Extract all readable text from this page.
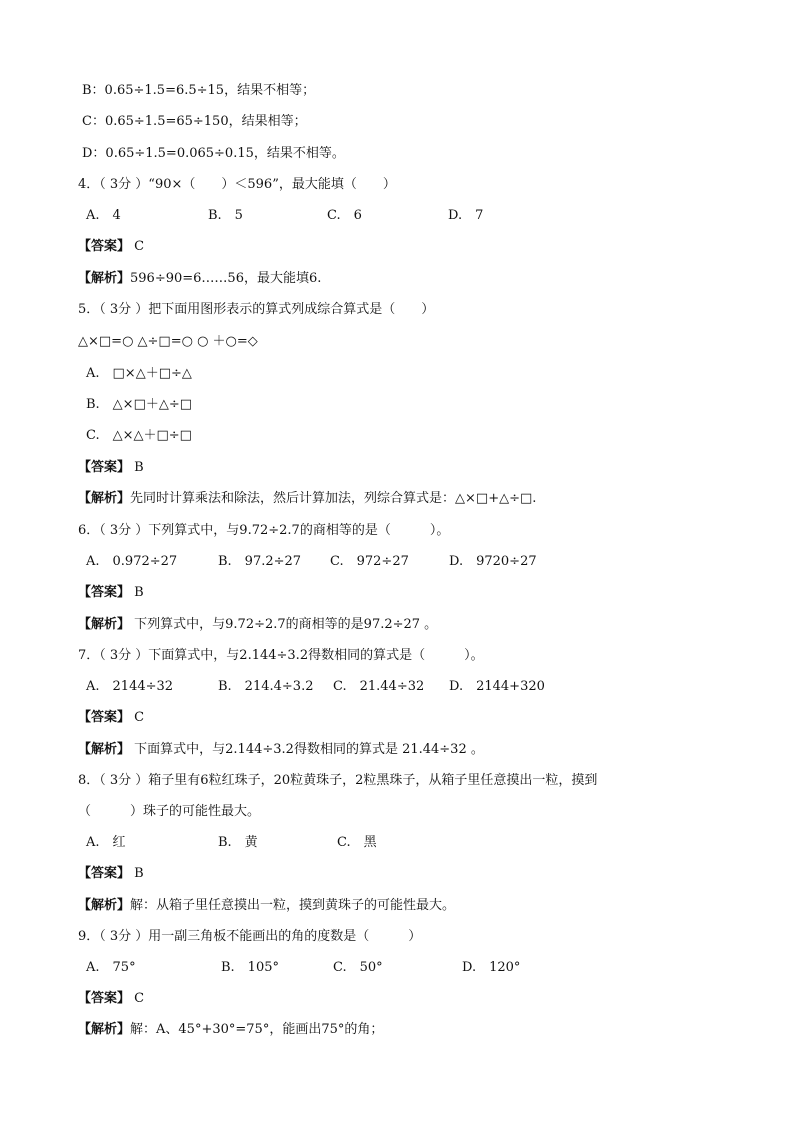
B：0.65÷1.5=6.5÷15，结果不相等；
C：0.65÷1.5=65÷150，结果相等；
D：0.65÷1.5=0.065÷0.15，结果不相等。
4．（ 3分 ）“90×（　　）＜596”，最大能填（　　）
A.　4	B.　5	C.　6	D.　7
【答案】 C
【解析】596÷90=6……56，最大能填6.
5．（ 3分 ）把下面用图形表示的算式列成综合算式是（　　）
△×□=○ △÷□=○ ○ ＋○=◇
A.　□×△＋□÷△
B.　△×□＋△÷□
C.　△×△＋□÷□
【答案】 B
【解析】先同时计算乘法和除法，然后计算加法，列综合算式是：△×□+△÷□.
6．（ 3分 ）下列算式中，与9.72÷2.7的商相等的是（　　　）。
A.　0.972÷27	B.　97.2÷27 C.　972÷27	D.　9720÷27
【答案】 B
【解析】 下列算式中，与9.72÷2.7的商相等的是97.2÷27 。
7．（ 3分 ）下面算式中，与2.144÷3.2得数相同的算式是（　　　）。
A.　2144÷32	B.　214.4÷3.2 C.　21.44÷32 D.　2144+320
【答案】 C
【解析】 下面算式中，与2.144÷3.2得数相同的算式是 21.44÷32 。
8．（ 3分 ）箱子里有6粒红珠子，20粒黄珠子，2粒黑珠子，从箱子里任意摸出一粒，摸到
（　　　）珠子的可能性最大。
A.　红	B.　黄	C.　黑
【答案】 B
【解析】解：从箱子里任意摸出一粒，摸到黄珠子的可能性最大。
9．（ 3分 ）用一副三角板不能画出的角的度数是（　　　）
A.　75°	B.　105°	C.　50°	D.　120°
【答案】 C
【解析】解：A、45°+30°=75°，能画出75°的角；
